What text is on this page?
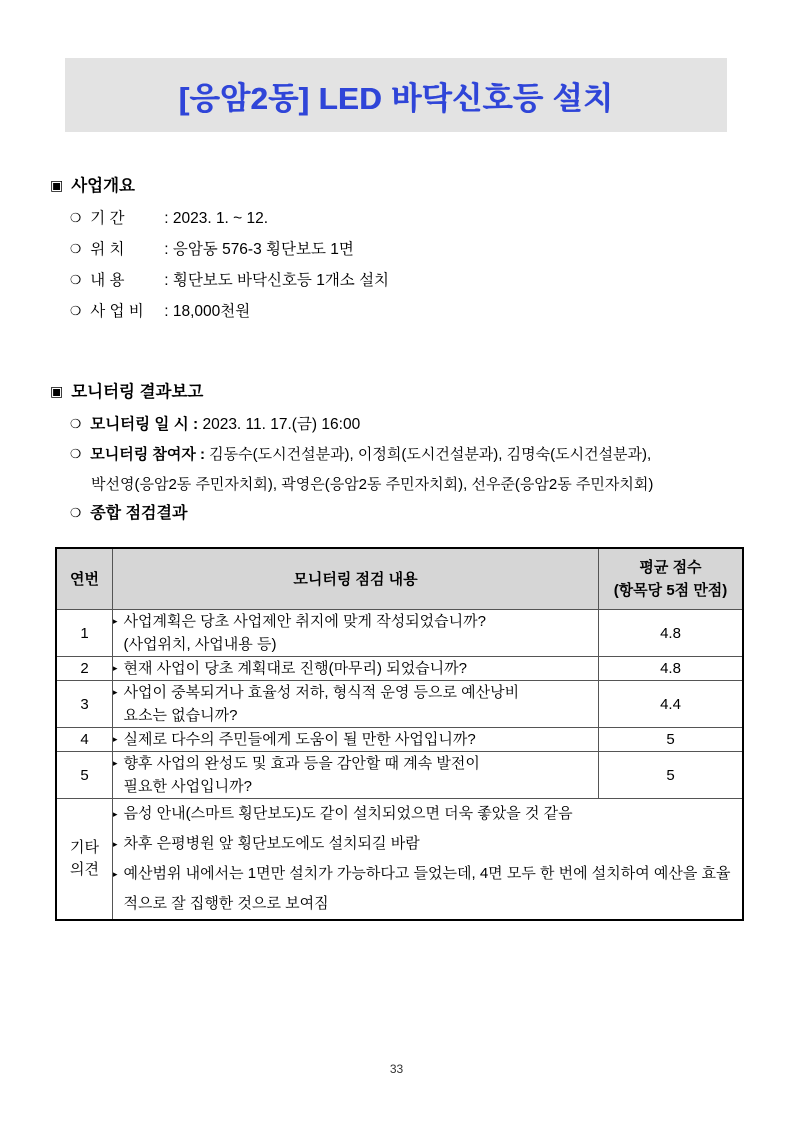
[응암2동] LED 바닥신호등 설치
▣ 사업개요
❍ 기 간	: 2023. 1. ~ 12.
❍ 위 치	: 응암동 576-3 횡단보도 1면
❍ 내 용	: 횡단보도 바닥신호등 1개소 설치
❍ 사 업 비 : 18,000천원
▣ 모니터링 결과보고
❍ 모니터링 일 시 :
2023. 11. 17.(금) 16:00
❍ 모니터링 참여자 : 김동수(도시건설분과), 이정희(도시건설분과), 김명숙(도시건설분과),
박선영(응암2동 주민자치회), 곽영은(응암2동 주민자치회), 선우준(응암2동 주민자치회)
❍ 종합 점검결과
연번	모니터링 점검 내용	평균 점수
(항목당 5점 만점)

1	▸ 사업계획은 당초 사업제안 취지에 맞게 작성되었습니까?
(사업위치, 사업내용 등)	4.8
2	▸ 현재 사업이 당초 계획대로 진행(마무리) 되었습니까?	4.8
3	▸ 사업이 중복되거나 효율성 저하, 형식적 운영 등으로 예산낭비
요소는 없습니까?	4.4
4	▸ 실제로 다수의 주민들에게 도움이 될 만한 사업입니까?	5
5	▸ 향후 사업의 완성도 및 효과 등을 감안할 때 계속 발전이
필요한 사업입니까?	5

기타
의견

▸ 음성 안내(스마트 횡단보도)도 같이 설치되었으면 더욱 좋았을 것 같음
▸ 차후 은평병원 앞 횡단보도에도 설치되길 바람
▸ 예산범위 내에서는 1면만 설치가 가능하다고 들었는데, 4면 모두 한 번에 설치하여 예산을 효율적으로 잘 집행한 것으로 보여짐
33
